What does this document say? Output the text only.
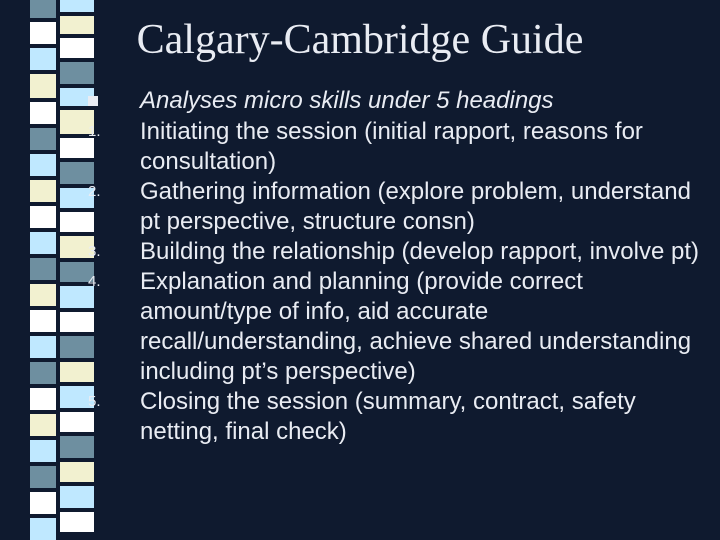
Calgary-Cambridge Guide
Analyses micro skills under 5 headings
1.	Initiating the session (initial rapport, reasons for consultation)
2.	Gathering information (explore problem, understand pt perspective, structure consn)
3.	Building the relationship (develop rapport, involve pt)
4.	Explanation and planning (provide correct amount/type of info, aid accurate recall/understanding, achieve shared understanding including pt’s perspective)
5.	Closing the session (summary, contract, safety netting, final check)
